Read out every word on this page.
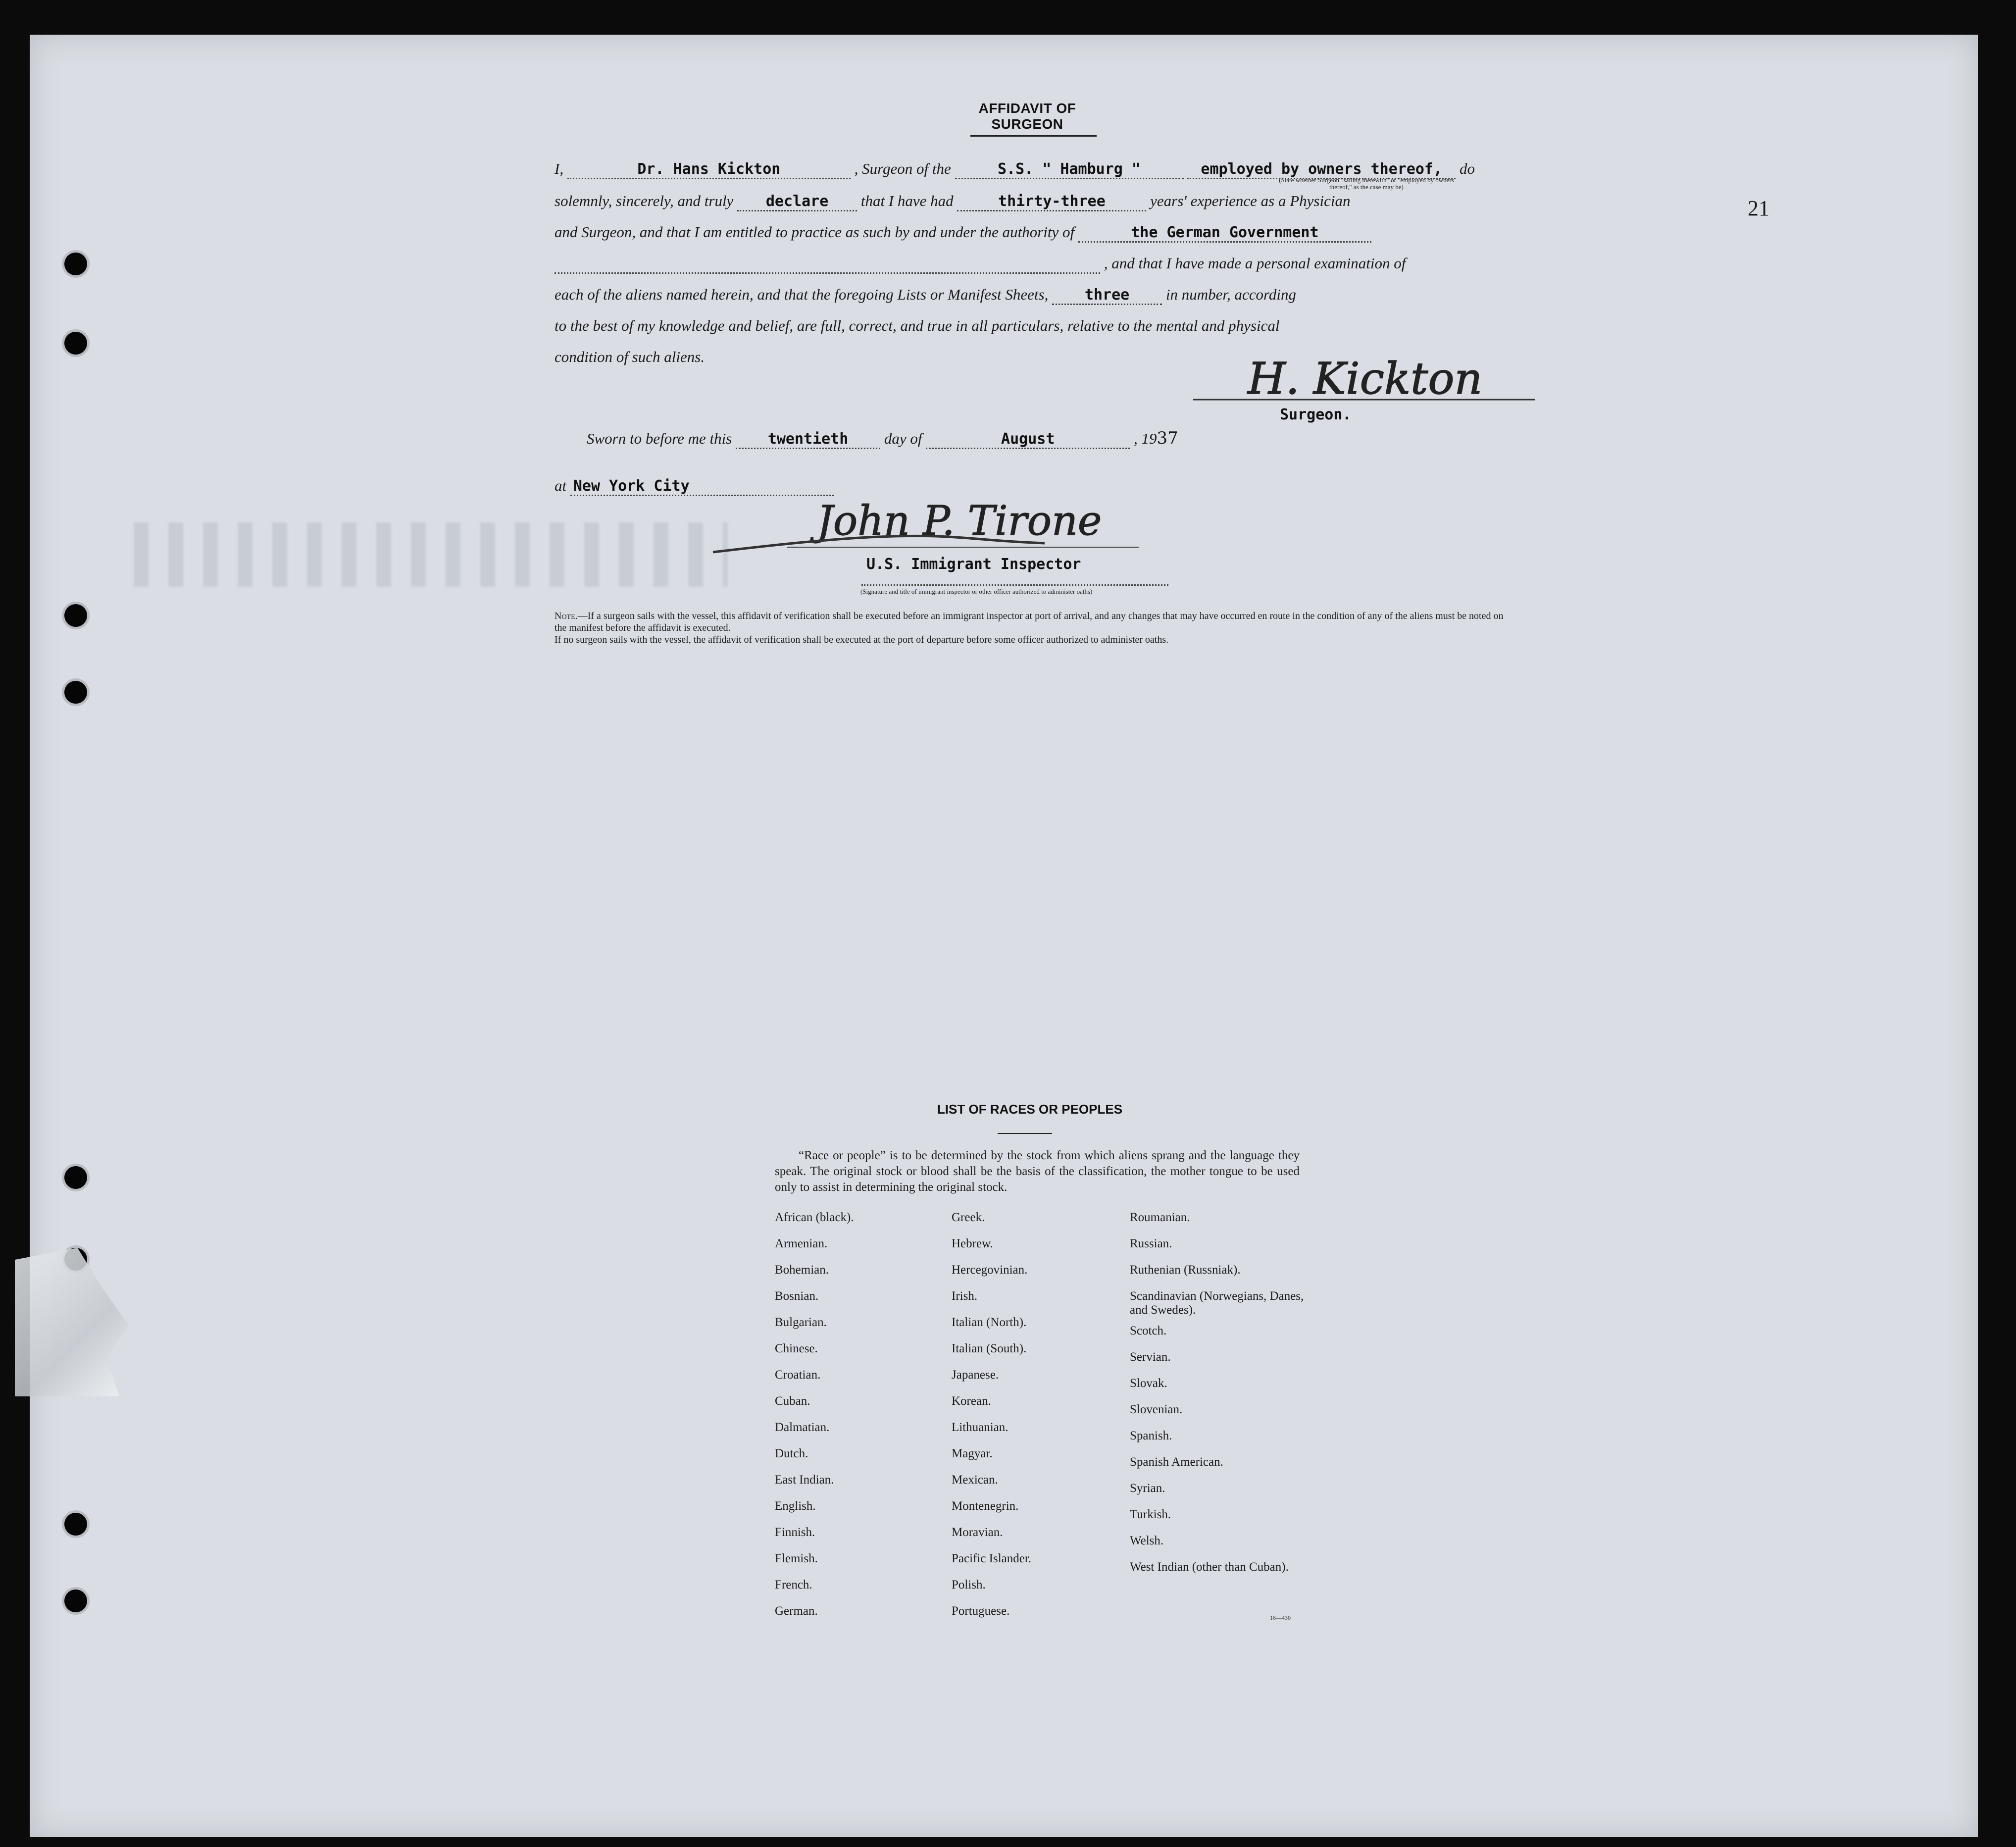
21
AFFIDAVIT OF SURGEON
I,	Dr. Hans Kickton	, Surgeon of the	S.S. " Hamburg "	employed by owners thereof, do
(State whether Surgeon "sailing therewith" or "employed by owners thereof," as the case may be)
solemnly, sincerely, and truly declare that I have had	thirty-three	years' experience as a Physician
and Surgeon, and that I am entitled to practice as such by and under the authority of	the German Government
, and that I have made a personal examination of
each of the aliens named herein, and that the foregoing Lists or Manifest Sheets, three in number, according
to the best of my knowledge and belief, are full, correct, and true in all particulars, relative to the mental and physical
condition of such aliens.	H. Kickton
Surgeon.
Sworn to before me this twentieth day of	August	, 1937
at New York City
John P. Tirone
U.S. Immigrant Inspector
(Signature and title of immigrant inspector or other officer authorized to administer oaths)

Note.—If a surgeon sails with the vessel, this affidavit of verification shall be executed before an immigrant inspector at port of arrival, and any changes that may have occurred en route in the condition of any of the aliens must be noted on the manifest before the affidavit is executed.

If no surgeon sails with the vessel, the affidavit of verification shall be executed at the port of departure before some officer authorized to administer oaths.

LIST OF RACES OR PEOPLES
“Race or people” is to be determined by the stock from which aliens sprang and the language they speak. The original stock or blood shall be the basis of the classification, the mother tongue to be used only to assist in determining the original stock.
African (black).
Armenian.
Bohemian.
Bosnian.
Bulgarian.
Chinese.
Croatian.
Cuban.
Dalmatian.
Dutch.
East Indian.
English.
Finnish.
Flemish.
French.
German.
Greek.
Hebrew.
Hercegovinian.
Irish.
Italian (North).
Italian (South).
Japanese.
Korean.
Lithuanian.
Magyar.
Mexican.
Montenegrin.
Moravian.
Pacific Islander.
Polish.
Portuguese.
Roumanian.
Russian.
Ruthenian (Russniak).
Scandinavian (Norwegians, Danes, and Swedes).
Scotch.
Servian.
Slovak.
Slovenian.
Spanish.
Spanish American.
Syrian.
Turkish.
Welsh.
West Indian (other than Cuban).
16—430
